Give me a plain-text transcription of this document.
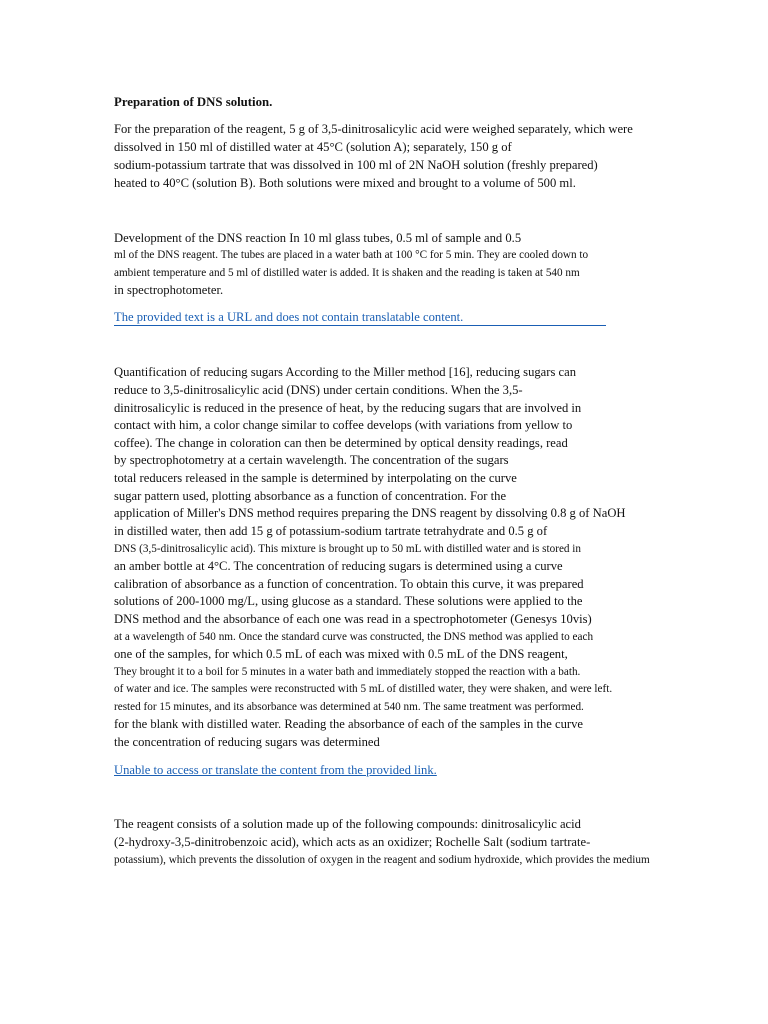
Preparation of DNS solution.
For the preparation of the reagent, 5 g of 3,5-dinitrosalicylic acid were weighed separately, which were
dissolved in 150 ml of distilled water at 45°C (solution A); separately, 150 g of
sodium-potassium tartrate that was dissolved in 100 ml of 2N NaOH solution (freshly prepared)
heated to 40°C (solution B). Both solutions were mixed and brought to a volume of 500 ml.
Development of the DNS reaction In 10 ml glass tubes, 0.5 ml of sample and 0.5
ml of the DNS reagent. The tubes are placed in a water bath at 100 °C for 5 min. They are cooled down to
ambient temperature and 5 ml of distilled water is added. It is shaken and the reading is taken at 540 nm
in spectrophotometer.
The provided text is a URL and does not contain translatable content.
Quantification of reducing sugars According to the Miller method [16], reducing sugars can
reduce to 3,5-dinitrosalicylic acid (DNS) under certain conditions. When the 3,5-
dinitrosalicylic is reduced in the presence of heat, by the reducing sugars that are involved in
contact with him, a color change similar to coffee develops (with variations from yellow to
coffee). The change in coloration can then be determined by optical density readings, read
by spectrophotometry at a certain wavelength. The concentration of the sugars
total reducers released in the sample is determined by interpolating on the curve
sugar pattern used, plotting absorbance as a function of concentration. For the
application of Miller's DNS method requires preparing the DNS reagent by dissolving 0.8 g of NaOH
in distilled water, then add 15 g of potassium-sodium tartrate tetrahydrate and 0.5 g of
DNS (3,5-dinitrosalicylic acid). This mixture is brought up to 50 mL with distilled water and is stored in
an amber bottle at 4°C. The concentration of reducing sugars is determined using a curve
calibration of absorbance as a function of concentration. To obtain this curve, it was prepared
solutions of 200-1000 mg/L, using glucose as a standard. These solutions were applied to the
DNS method and the absorbance of each one was read in a spectrophotometer (Genesys 10vis)
at a wavelength of 540 nm. Once the standard curve was constructed, the DNS method was applied to each
one of the samples, for which 0.5 mL of each was mixed with 0.5 mL of the DNS reagent,
They brought it to a boil for 5 minutes in a water bath and immediately stopped the reaction with a bath.
of water and ice. The samples were reconstructed with 5 mL of distilled water, they were shaken, and were left.
rested for 15 minutes, and its absorbance was determined at 540 nm. The same treatment was performed.
for the blank with distilled water. Reading the absorbance of each of the samples in the curve
the concentration of reducing sugars was determined
Unable to access or translate the content from the provided link.
The reagent consists of a solution made up of the following compounds: dinitrosalicylic acid
(2-hydroxy-3,5-dinitrobenzoic acid), which acts as an oxidizer; Rochelle Salt (sodium tartrate-
potassium), which prevents the dissolution of oxygen in the reagent and sodium hydroxide, which provides the medium
